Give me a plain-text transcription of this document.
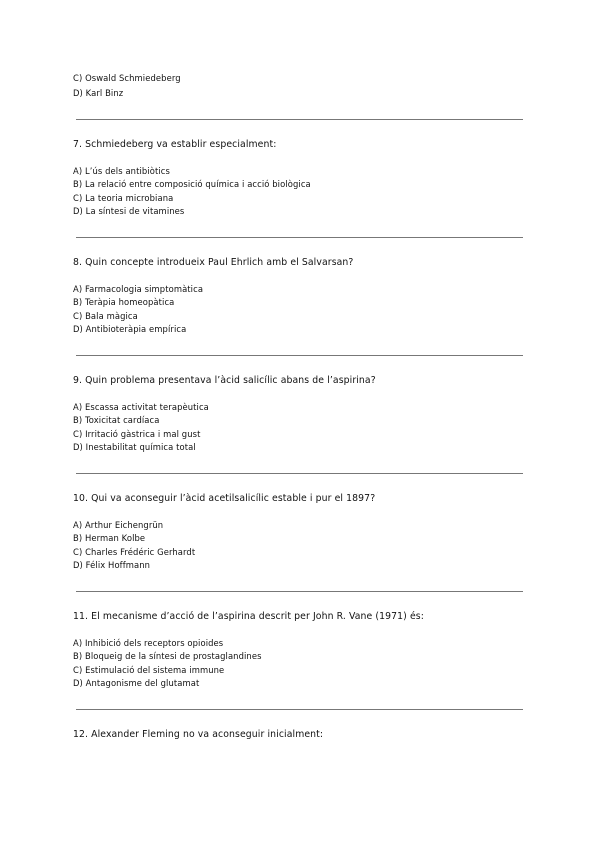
C) Oswald Schmiedeberg

D) Karl Binz

7. Schmiedeberg va establir especialment:

A) L’ús dels antibiòtics

B) La relació entre composició química i acció biològica

C) La teoria microbiana

D) La síntesi de vitamines

8. Quin concepte introdueix Paul Ehrlich amb el Salvarsan?

A) Farmacologia simptomàtica

B) Teràpia homeopàtica

C) Bala màgica

D) Antibioteràpia empírica

9. Quin problema presentava l’àcid salicílic abans de l’aspirina?

A) Escassa activitat terapèutica

B) Toxicitat cardíaca

C) Irritació gàstrica i mal gust

D) Inestabilitat química total

10. Qui va aconseguir l’àcid acetilsalicílic estable i pur el 1897?

A) Arthur Eichengrün

B) Herman Kolbe

C) Charles Frédéric Gerhardt

D) Félix Hoffmann

11. El mecanisme d’acció de l’aspirina descrit per John R. Vane (1971) és:

A) Inhibició dels receptors opioides

B) Bloqueig de la síntesi de prostaglandines

C) Estimulació del sistema immune

D) Antagonisme del glutamat

12. Alexander Fleming no va aconseguir inicialment:
